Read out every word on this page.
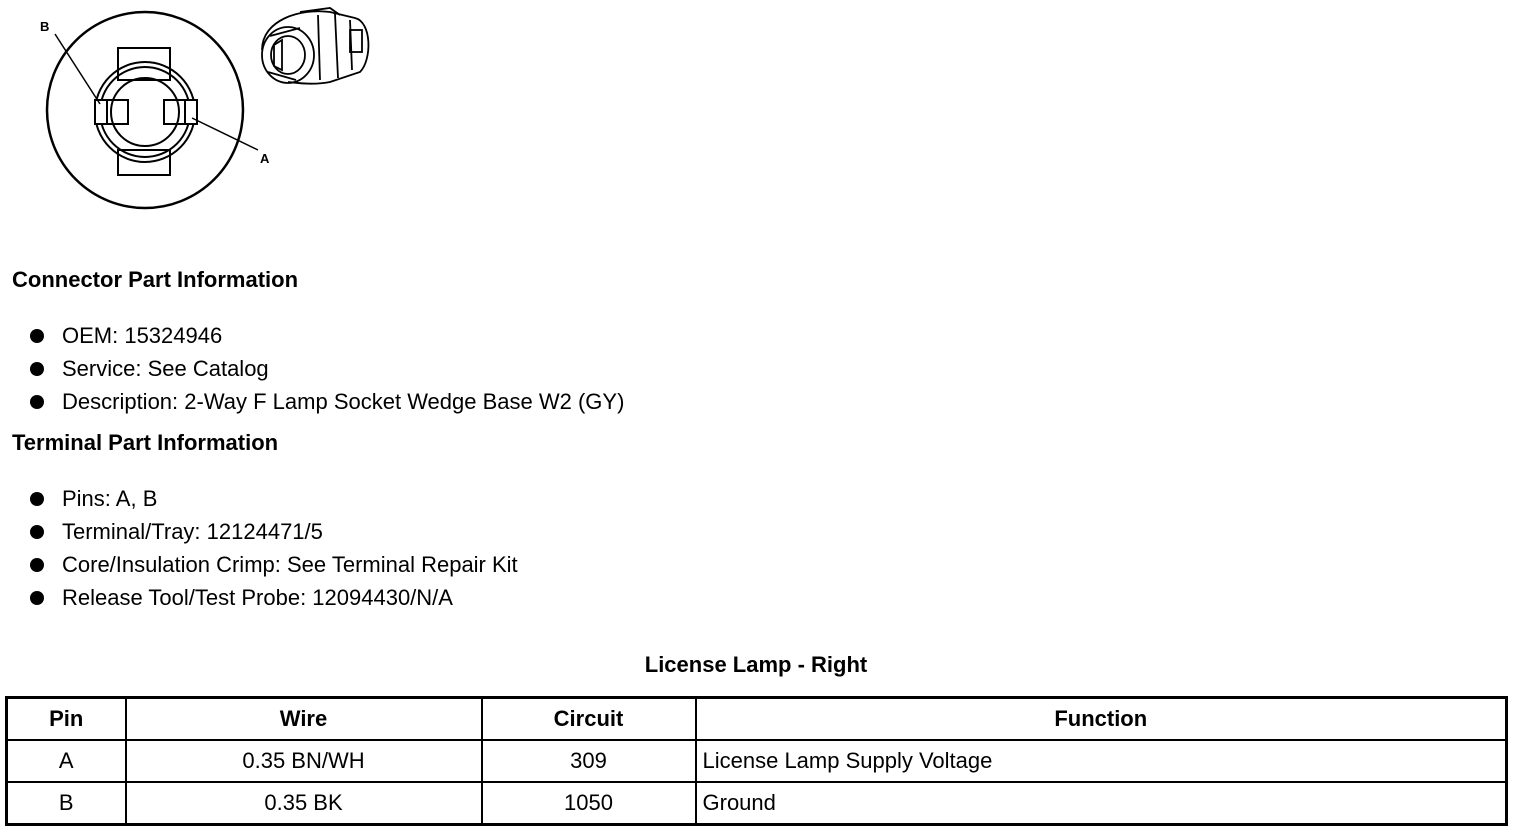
B
A
Connector Part Information
OEM: 15324946
Service: See Catalog
Description: 2-Way F Lamp Socket Wedge Base W2 (GY)
Terminal Part Information
Pins: A, B
Terminal/Tray: 12124471/5
Core/Insulation Crimp: See Terminal Repair Kit
Release Tool/Test Probe: 12094430/N/A
License Lamp - Right
Pin	Wire	Circuit	Function
A	0.35 BN/WH	309	License Lamp Supply Voltage
B	0.35 BK	1050	Ground
